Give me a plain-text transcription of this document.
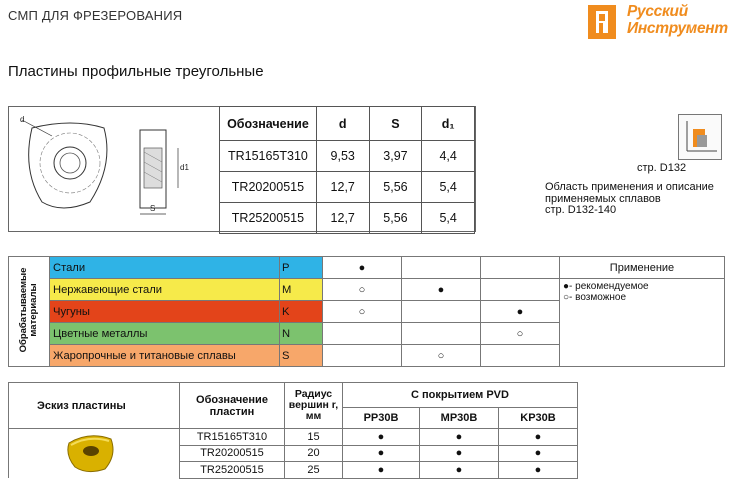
СМП ДЛЯ ФРЕЗЕРОВАНИЯ	Русский
Инструмент
Пластины профильные треугольные
d
d1
S
Обозначение	d	S	d₁
TR15165T310	9,53	3,97	4,4
TR20200515	12,7	5,56	5,4
TR25200515	12,7	5,56	5,4
стр. D132
Область применения и описание
применяемых сплавов
стр. D132-140
Обрабатываемые материалы	Стали	P	●			Применение
	Нержавеющие стали	M	○	●		●- рекомендуемое
○- возможное

	Чугуны	K	○		●	
	Цветные металлы	N			○	
	Жаропрочные и титановые сплавы	S		○		
Эскиз пластины	Обозначение пластин	Радиус вершин r, мм	С покрытием PVD		
			PP30B	MP30B	KP30B
	TR15165T310	15	●	●	●
	TR20200515	20	●	●	●
	TR25200515	25	●	●	●
